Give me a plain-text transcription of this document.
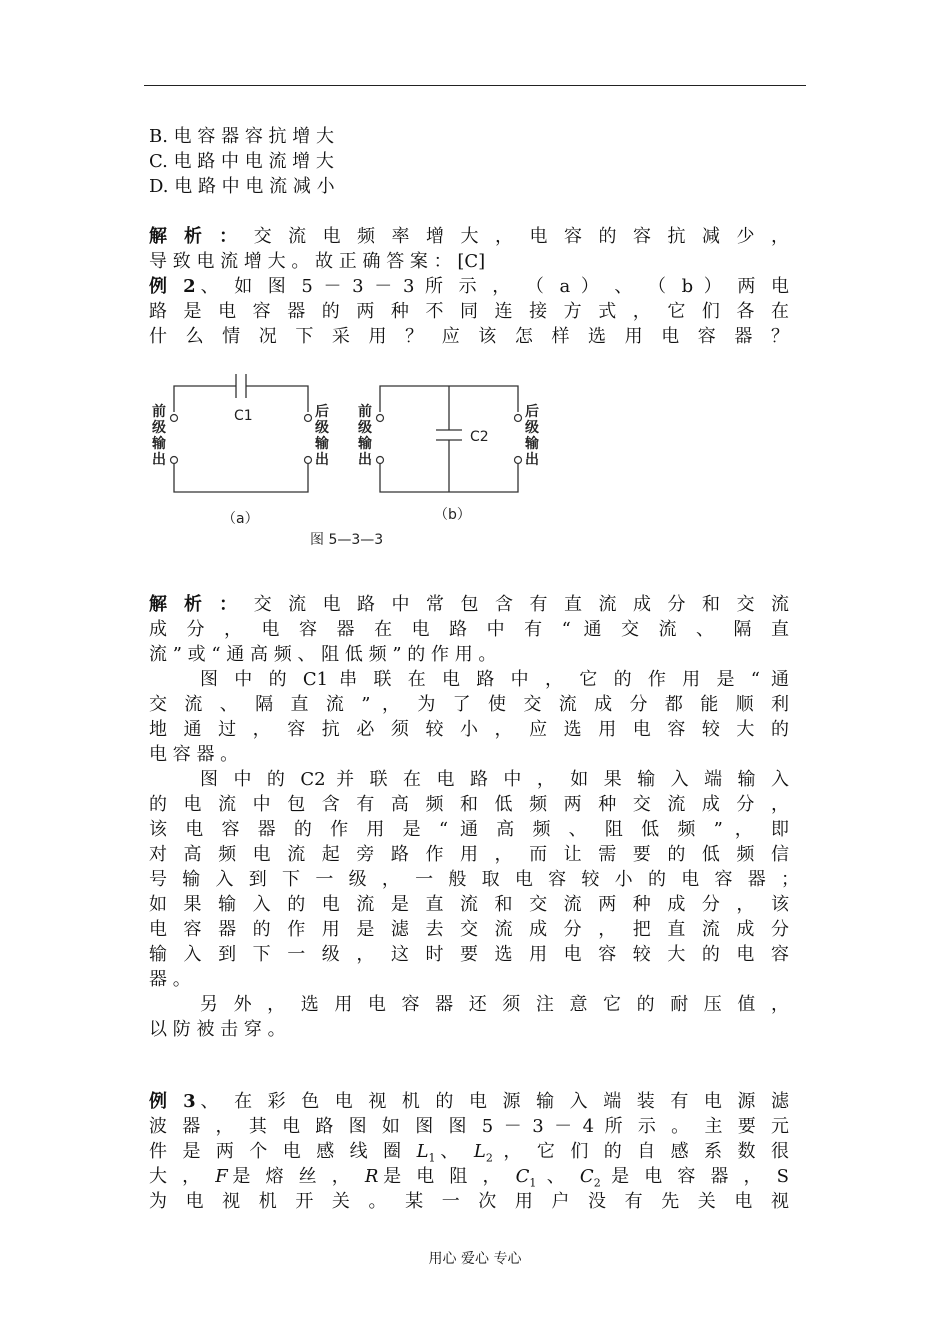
B. 电 容 器 容 抗 增 大
C. 电 路 中 电 流 增 大
D. 电 路 中 电 流 减 小
解 析 ： 交 流 电 频 率 增 大 ， 电 容 的 容 抗 减 少 ，
导 致 电 流 增 大 。 故 正 确 答 案 ： [C]
例 2、 如 图 5 － 3 － 3 所 示 ， （ a ） 、 （ b ） 两 电
路 是 电 容 器 的 两 种 不 同 连 接 方 式 ， 它 们 各 在
什 么 情 况 下 采 用 ？ 应 该 怎 样 选 用 电 容 器 ？
C1
C2
前
级
输
出
后
级
输
出
前
级
输
出
后
级
输
出
（a）	（b）
图 5—3—3
解 析 ： 交 流 电 路 中 常 包 含 有 直 流 成 分 和 交 流
成 分 ， 电 容 器 在 电 路 中 有 “ 通 交 流 、 隔 直
流 ” 或 “ 通 高 频 、 阻 低 频 ” 的 作 用 。
图 中 的 C1 串 联 在 电 路 中 ， 它 的 作 用 是 “ 通
交 流 、 隔 直 流 ” ， 为 了 使 交 流 成 分 都 能 顺 利
地 通 过 ， 容 抗 必 须 较 小 ， 应 选 用 电 容 较 大 的
电 容 器 。
图 中 的 C2 并 联 在 电 路 中 ， 如 果 输 入 端 输 入
的 电 流 中 包 含 有 高 频 和 低 频 两 种 交 流 成 分 ，
该 电 容 器 的 作 用 是 “ 通 高 频 、 阻 低 频 ” ， 即
对 高 频 电 流 起 旁 路 作 用 ， 而 让 需 要 的 低 频 信
号 输 入 到 下 一 级 ， 一 般 取 电 容 较 小 的 电 容 器 ；
如 果 输 入 的 电 流 是 直 流 和 交 流 两 种 成 分 ， 该
电 容 器 的 作 用 是 滤 去 交 流 成 分 ， 把 直 流 成 分
输 入 到 下 一 级 ， 这 时 要 选 用 电 容 较 大 的 电 容
器 。
另 外 ， 选 用 电 容 器 还 须 注 意 它 的 耐 压 值 ，
以 防 被 击 穿 。
例 3、 在 彩 色 电 视 机 的 电 源 输 入 端 装 有 电 源 滤
波 器 ， 其 电 路 图 如 图 图 5 － 3 － 4 所 示 。 主 要 元
件 是 两 个 电 感 线 圈 $L_1$、 $L_2$ ， 它 们 的 自 感 系 数 很
大 ， F是 熔 丝 ， R是 电 阻 ， $C_1$ 、 $C_2$ 是 电 容 器 ， S
为 电 视 机 开 关 。 某 一 次 用 户 没 有 先 关 电 视
用心 爱心 专心
